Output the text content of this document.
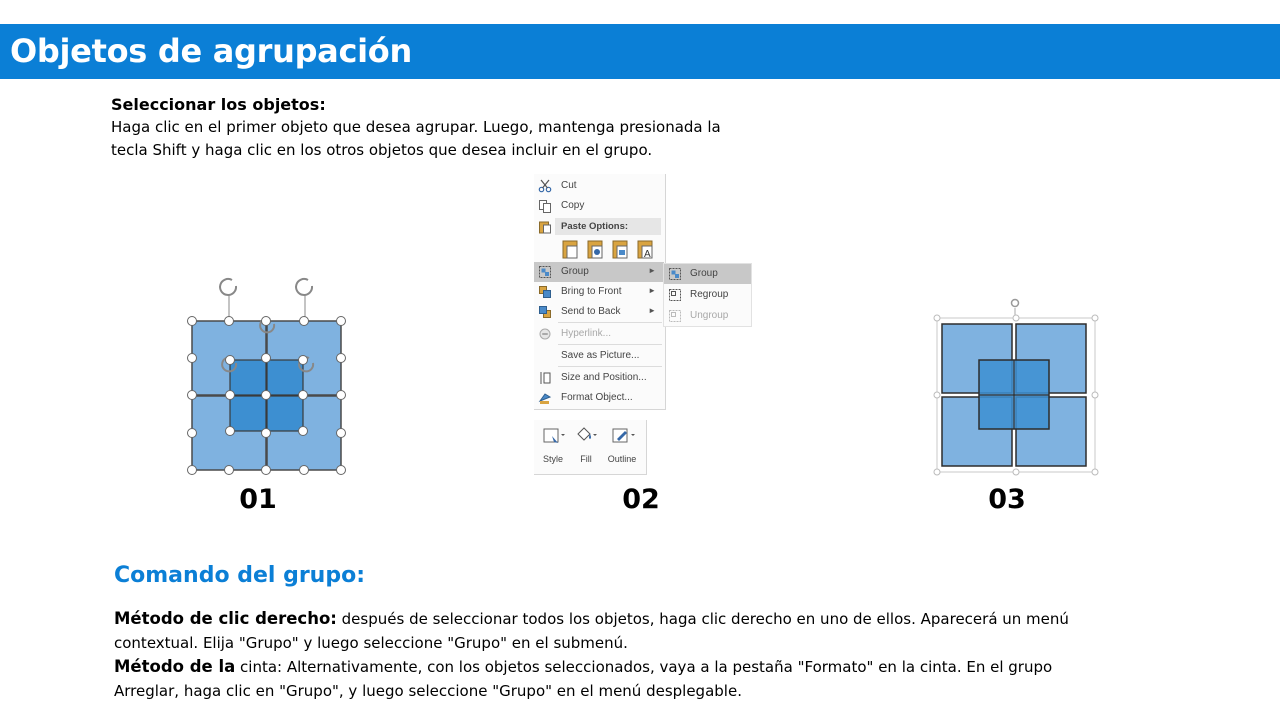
Objetos de agrupación
Seleccionar los objetos:
Haga clic en el primer objeto que desea agrupar. Luego, mantenga presionada la tecla Shift y haga clic en los otros objetos que desea incluir en el grupo.
01
Cut
Copy
Paste Options:
A
Group	►
Bring to Front	►
Send to Back	►
Hyperlink...
Save as Picture...
Size and Position...
Format Object...
Group
Regroup
Ungroup
Style	Fill	Outline
02	03
Comando del grupo:
Método de clic derecho: después de seleccionar todos los objetos, haga clic derecho en uno de ellos. Aparecerá un menú contextual. Elija "Grupo" y luego seleccione "Grupo" en el submenú.
Método de la cinta: Alternativamente, con los objetos seleccionados, vaya a la pestaña "Formato" en la cinta. En el grupo Arreglar, haga clic en "Grupo", y luego seleccione "Grupo" en el menú desplegable.
